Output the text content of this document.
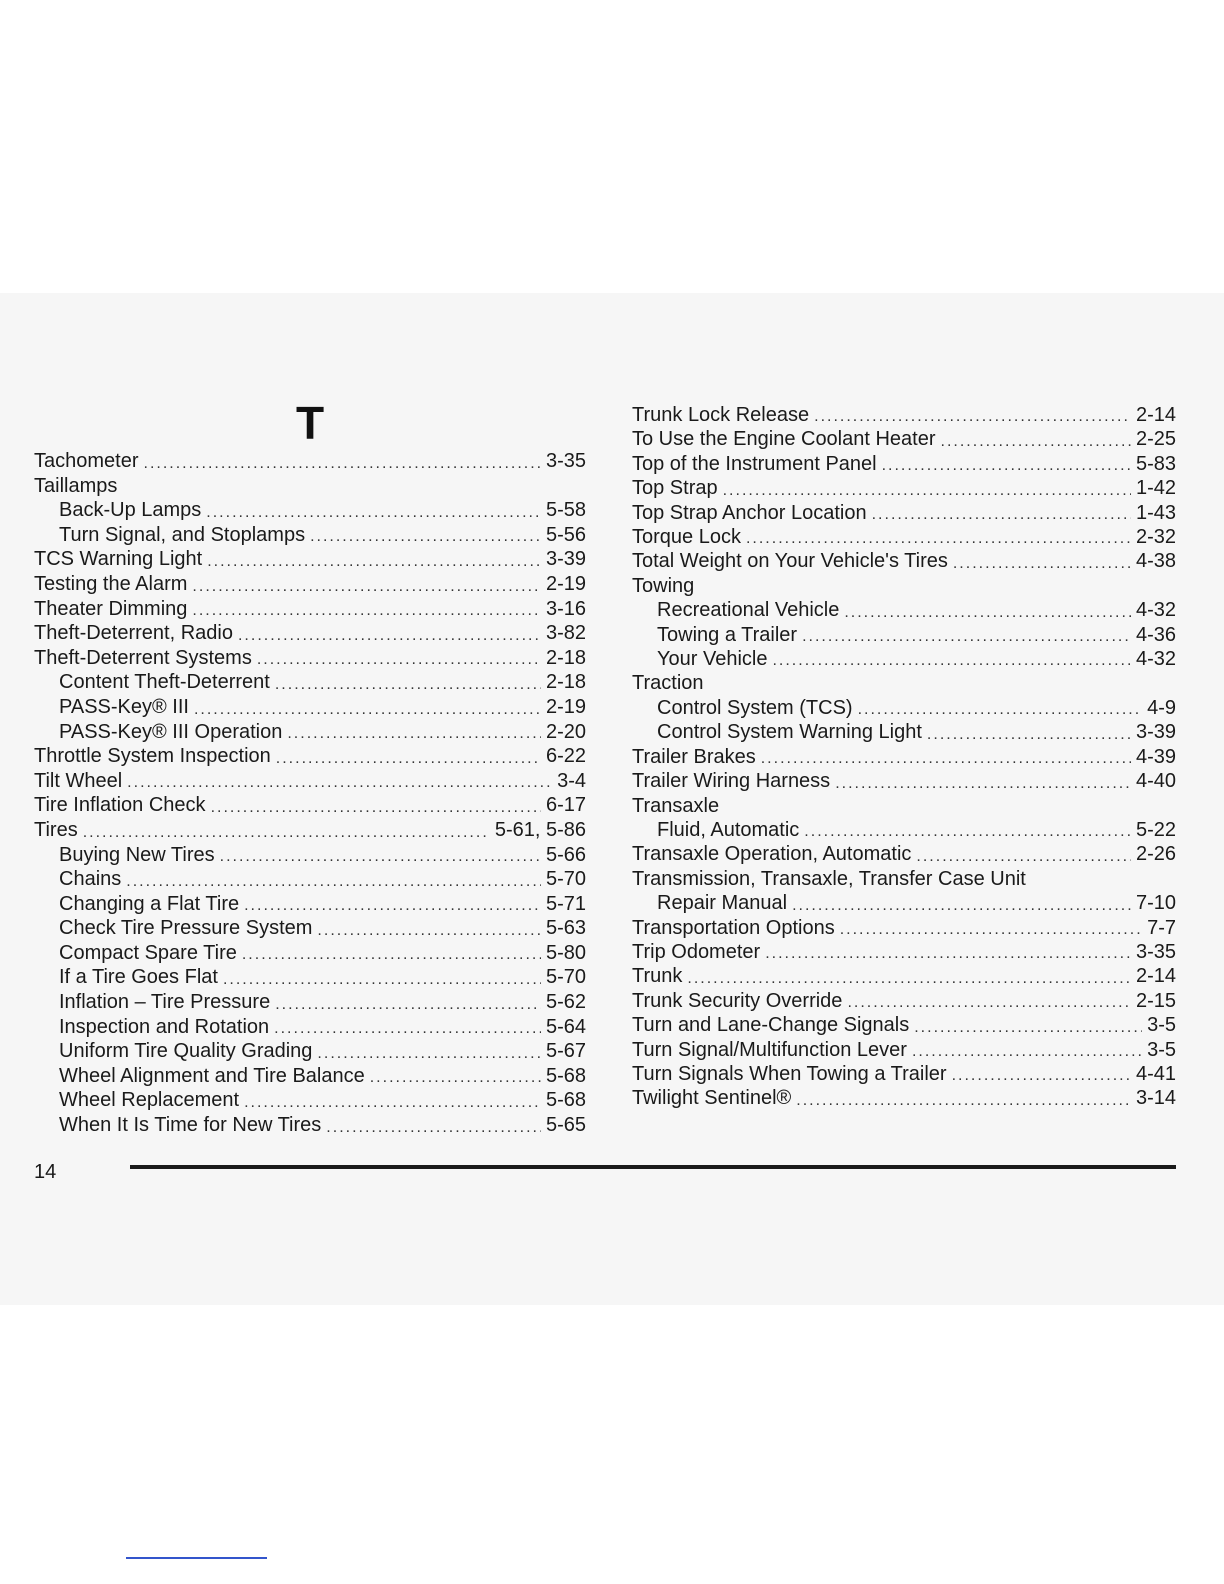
T
Tachometer .....	3-35
Taillamps
Back-Up Lamps .....	5-58
Turn Signal, and Stoplamps .....	5-56
TCS Warning Light .....	3-39
Testing the Alarm .....	2-19
Theater Dimming .....	3-16
Theft-Deterrent, Radio .....	3-82
Theft-Deterrent Systems .....	2-18
Content Theft-Deterrent .....	2-18
PASS-Key® III .....	2-19
PASS-Key® III Operation .....	2-20
Throttle System Inspection .....	6-22
Tilt Wheel .....	3-4
Tire Inflation Check .....	6-17
Tires .....	5-61, 5-86
Buying New Tires .....	5-66
Chains .....	5-70
Changing a Flat Tire .....	5-71
Check Tire Pressure System .....	5-63
Compact Spare Tire .....	5-80
If a Tire Goes Flat .....	5-70
Inflation – Tire Pressure .....	5-62
Inspection and Rotation .....	5-64
Uniform Tire Quality Grading .....	5-67
Wheel Alignment and Tire Balance .....	5-68
Wheel Replacement .....	5-68
When It Is Time for New Tires .....	5-65
Trunk Lock Release .....	2-14
To Use the Engine Coolant Heater .....	2-25
Top of the Instrument Panel .....	5-83
Top Strap .....	1-42
Top Strap Anchor Location .....	1-43
Torque Lock .....	2-32
Total Weight on Your Vehicle's Tires .....	4-38
Towing
Recreational Vehicle .....	4-32
Towing a Trailer .....	4-36
Your Vehicle .....	4-32
Traction
Control System (TCS) .....	4-9
Control System Warning Light .....	3-39
Trailer Brakes .....	4-39
Trailer Wiring Harness .....	4-40
Transaxle
Fluid, Automatic .....	5-22
Transaxle Operation, Automatic .....	2-26
Transmission, Transaxle, Transfer Case Unit
Repair Manual .....	7-10
Transportation Options .....	7-7
Trip Odometer .....	3-35
Trunk .....	2-14
Trunk Security Override .....	2-15
Turn and Lane-Change Signals .....	3-5
Turn Signal/Multifunction Lever .....	3-5
Turn Signals When Towing a Trailer .....	4-41
Twilight Sentinel® .....	3-14
14
